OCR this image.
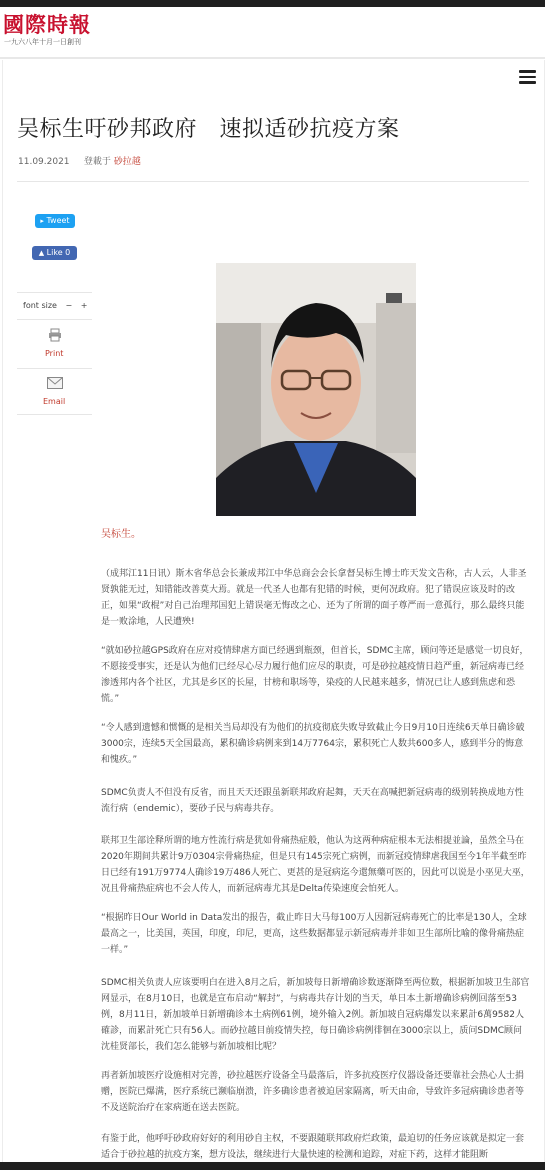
國際時報
一九六八年十月一日創刊
吴标生吁砂邦政府　速拟适砂抗疫方案
11.09.2021 登載于 砂拉越
▸ Tweet
▲ Like 0
font size − +
Print
Email
吴标生。

（成邦江11日讯）斯木省华总会长兼成邦江中华总商会会长拿督吴标生博士昨天发文告称，古人云，人非圣贤孰能无过，知错能改善莫大焉。就是一代圣人也都有犯错的时候，更何况政府。犯了错误应该及时的改正，如果“政棍”对自己治理邦国犯上错误毫无悔改之心、还为了所谓的面子尊严而一意孤行，那么最终只能是一败涂地，人民遭殃!

“就如砂拉越GPS政府在应对疫情肆虐方面已经遇到瓶颈，但首长，SDMC主席，顾问等还是感觉一切良好，不愿接受事实，还是认为他们已经尽心尽力履行他们应尽的职责，可是砂拉越疫情日趋严重，新冠病毒已经渗透邦内各个社区，尤其是乡区的长屋，甘榜和职场等，染疫的人民越来越多，情况已让人感到焦虑和恐慌。”

“令人感到遗憾和惯慨的是相关当局却没有为他们的抗疫彻底失败导致截止今日9月10日连续6天单日确诊破3000宗，连续5天全国最高，累积确诊病例来到14万7764宗，累积死亡人数共600多人，感到半分的悔意和愧疚。”

SDMC负责人不但没有反省，而且天天还跟虽新联邦政府起舞，天天在高喊把新冠病毒的级别转换成地方性流行病（endemic），要砂子民与病毒共存。

联邦卫生部诠释所谓的地方性流行病是犹如骨痛热症般，他认为这两种病症根本无法相提並論，虽然全马在2020年期间共累计9万0304宗骨痛热症，但是只有145宗死亡病例，而新冠疫情肆虐我国至今1年半截至昨日已经有191万9774人确诊19万486人死亡、更甚的是冠病迄今還無藥可医的，因此可以说是小巫见大巫，况且骨痛热症病也不会人传人，而新冠病毒尤其是Delta传染速度会怕死人。

“根据昨日Our World in Data发出的报告，截止昨日大马每100万人因新冠病毒死亡的比率是130人，全球最高之一，比美国，英国，印度，印尼，更高，这些数据都显示新冠病毒并非如卫生部所比喻的像骨痛热症一样。”

SDMC相关负责人应该要明白在进入8月之后，新加坡每日新增确诊数逐渐降至两位数，根据新加坡卫生部官网显示，在8月10日，也就是宣布启动“解封”，与病毒共存计划的当天，单日本土新增确诊病例回落至53例，8月11日，新加坡单日新增确诊本土病例61例，境外输入2例。新加坡自冠病爆发以来累計6萬9582人確診，而累計死亡只有56人。而砂拉越目前疫情失控，每日确诊病例徘徊在3000宗以上，质问SDMC顾问沈桂贤部长，我们怎么能够与新加坡相比呢？

再者新加坡医疗设施相对完善，砂拉越医疗设备全马最落后，许多抗疫医疗仪器设备还要靠社会热心人士捐赠，医院已爆满，医疗系统已濒临崩溃，许多确诊患者被迫居家隔离，听天由命，导致许多冠病确诊患者等不及送院治疗在家病逝在送去医院。

有鉴于此，他呼吁砂政府好好的利用砂自主权，不要跟随联邦政府烂政策，最迫切的任务应该就是拟定一套适合于砂拉越的抗疫方案，想方设法，继续进行大量快速的检测和追踪，对症下药，这样才能阻断
